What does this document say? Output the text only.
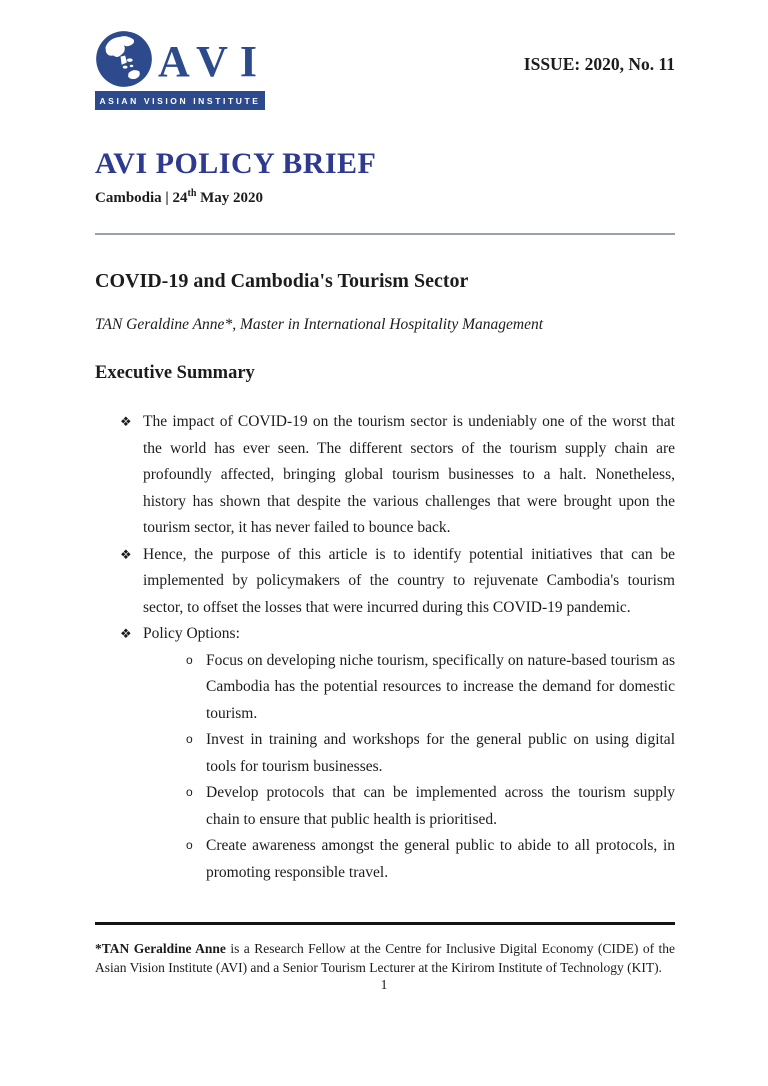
AVI
ASIAN VISION INSTITUTE
ISSUE: 2020, No. 11
AVI POLICY BRIEF
Cambodia | 24th May 2020
COVID-19 and Cambodia's Tourism Sector
TAN Geraldine Anne*, Master in International Hospitality Management
Executive Summary
❖ The impact of COVID-19 on the tourism sector is undeniably one of the worst that the world has ever seen. The different sectors of the tourism supply chain are profoundly affected, bringing global tourism businesses to a halt. Nonetheless, history has shown that despite the various challenges that were brought upon the tourism sector, it has never failed to bounce back.
❖ Hence, the purpose of this article is to identify potential initiatives that can be implemented by policymakers of the country to rejuvenate Cambodia's tourism sector, to offset the losses that were incurred during this COVID-19 pandemic.
❖ Policy Options:
o Focus on developing niche tourism, specifically on nature-based tourism as Cambodia has the potential resources to increase the demand for domestic tourism.
o Invest in training and workshops for the general public on using digital tools for tourism businesses.
o Develop protocols that can be implemented across the tourism supply chain to ensure that public health is prioritised.
o Create awareness amongst the general public to abide to all protocols, in promoting responsible travel.

*TAN Geraldine Anne is a Research Fellow at the Centre for Inclusive Digital Economy (CIDE) of the Asian Vision Institute (AVI) and a Senior Tourism Lecturer at the Kirirom Institute of Technology (KIT).

1
